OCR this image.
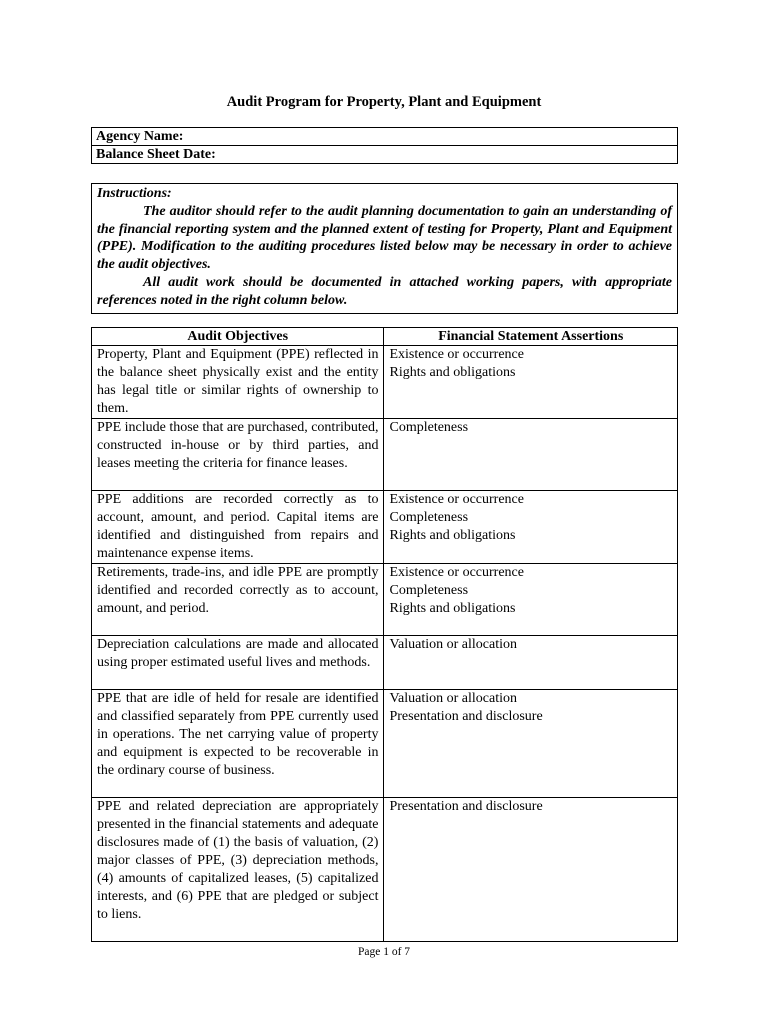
Audit Program for Property, Plant and Equipment
Agency Name:
Balance Sheet Date:

Instructions:

The auditor should refer to the audit planning documentation to gain an understanding of the financial reporting system and the planned extent of testing for Property, Plant and Equipment (PPE). Modification to the auditing procedures listed below may be necessary in order to achieve the audit objectives.

All audit work should be documented in attached working papers, with appropriate references noted in the right column below.

Audit Objectives	Financial Statement Assertions
Property, Plant and Equipment (PPE) reflected in the balance sheet physically exist and the entity has legal title or similar rights of ownership to them.	Existence or occurrence
Rights and obligations

PPE include those that are purchased, contributed, constructed in-house or by third parties, and leases meeting the criteria for finance leases.	Completeness

PPE additions are recorded correctly as to account, amount, and period. Capital items are identified and distinguished from repairs and maintenance expense items.	Existence or occurrence
Completeness
Rights and obligations

Retirements, trade-ins, and idle PPE are promptly identified and recorded correctly as to account, amount, and period.	Existence or occurrence
Completeness
Rights and obligations

Depreciation calculations are made and allocated using proper estimated useful lives and methods.	Valuation or allocation

PPE that are idle of held for resale are identified and classified separately from PPE currently used in operations. The net carrying value of property and equipment is expected to be recoverable in the ordinary course of business.	Valuation or allocation
Presentation and disclosure

PPE and related depreciation are appropriately presented in the financial statements and adequate disclosures made of (1) the basis of valuation, (2) major classes of PPE, (3) depreciation methods, (4) amounts of capitalized leases, (5) capitalized interests, and (6) PPE that are pledged or subject to liens.	Presentation and disclosure
Page 1 of 7
